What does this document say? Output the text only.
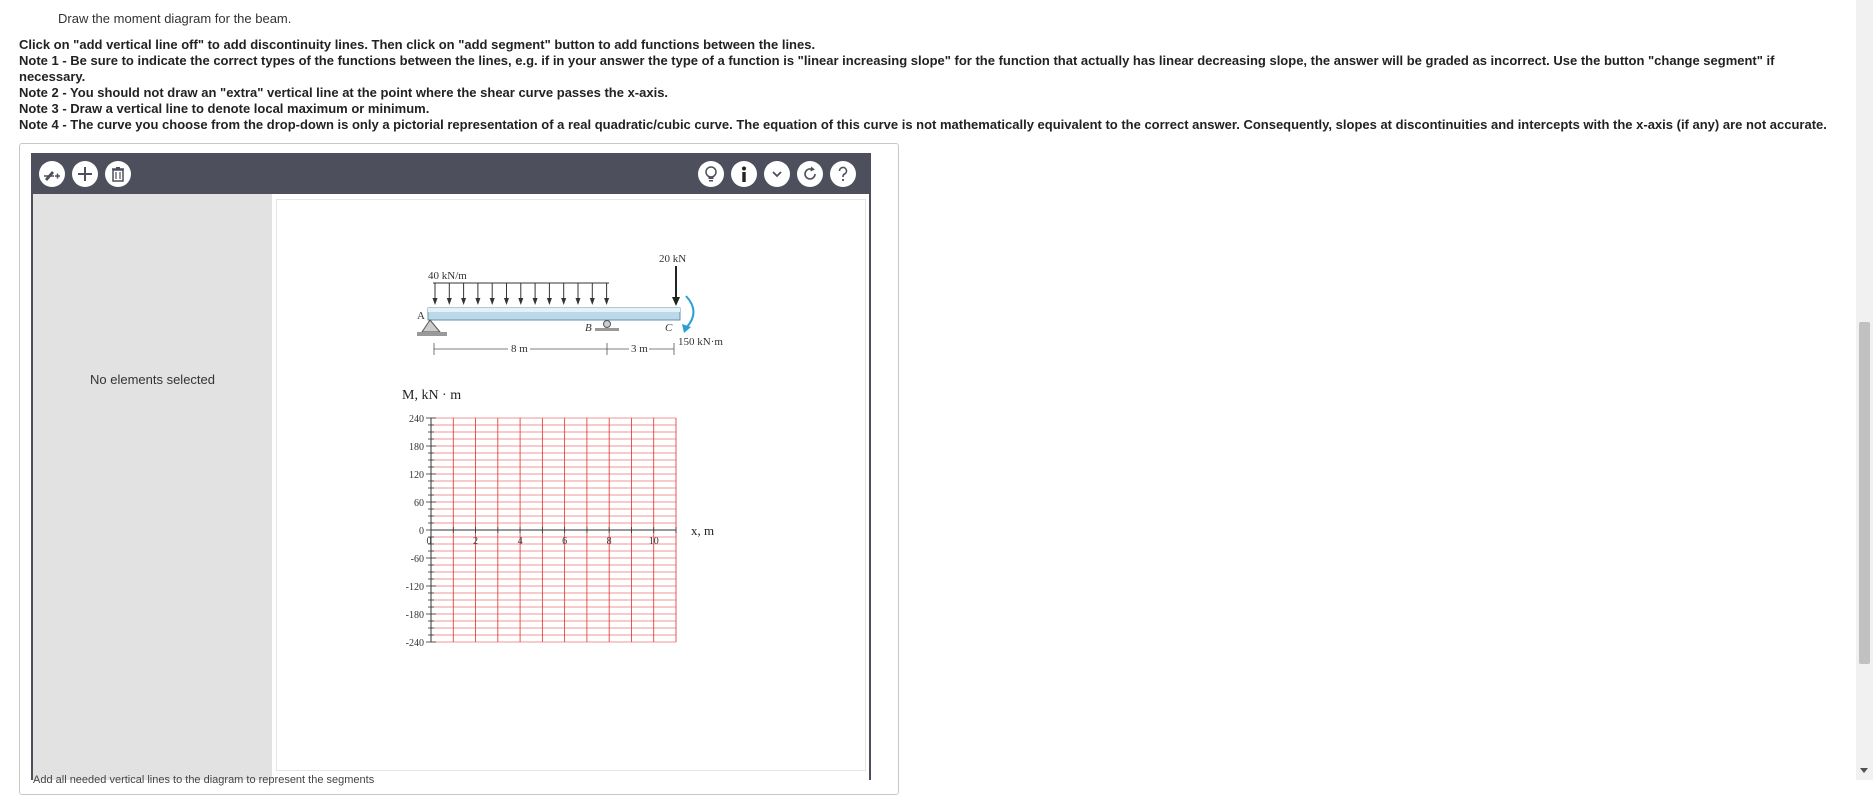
Draw the moment diagram for the beam.
Click on "add vertical line off" to add discontinuity lines. Then click on "add segment" button to add functions between the lines.
Note 1 - Be sure to indicate the correct types of the functions between the lines, e.g. if in your answer the type of a function is "linear increasing slope" for the function that actually has linear decreasing slope, the answer will be graded as incorrect. Use the button "change segment" if necessary.
Note 2 - You should not draw an "extra" vertical line at the point where the shear curve passes the x-axis.
Note 3 - Draw a vertical line to denote local maximum or minimum.
Note 4 - The curve you choose from the drop-down is only a pictorial representation of a real quadratic/cubic curve. The equation of this curve is not mathematically equivalent to the correct answer. Consequently, slopes at discontinuities and intercepts with the x-axis (if any) are not accurate.
No elements selected
40 kN/m
20 kN
A
B	C
150 kN·m
8 m	3 m
M, kN · m
x, m
240
180
120
60
0
-60
-120
-180
-240
0	2	4	6	8	10
Add all needed vertical lines to the diagram to represent the segments
